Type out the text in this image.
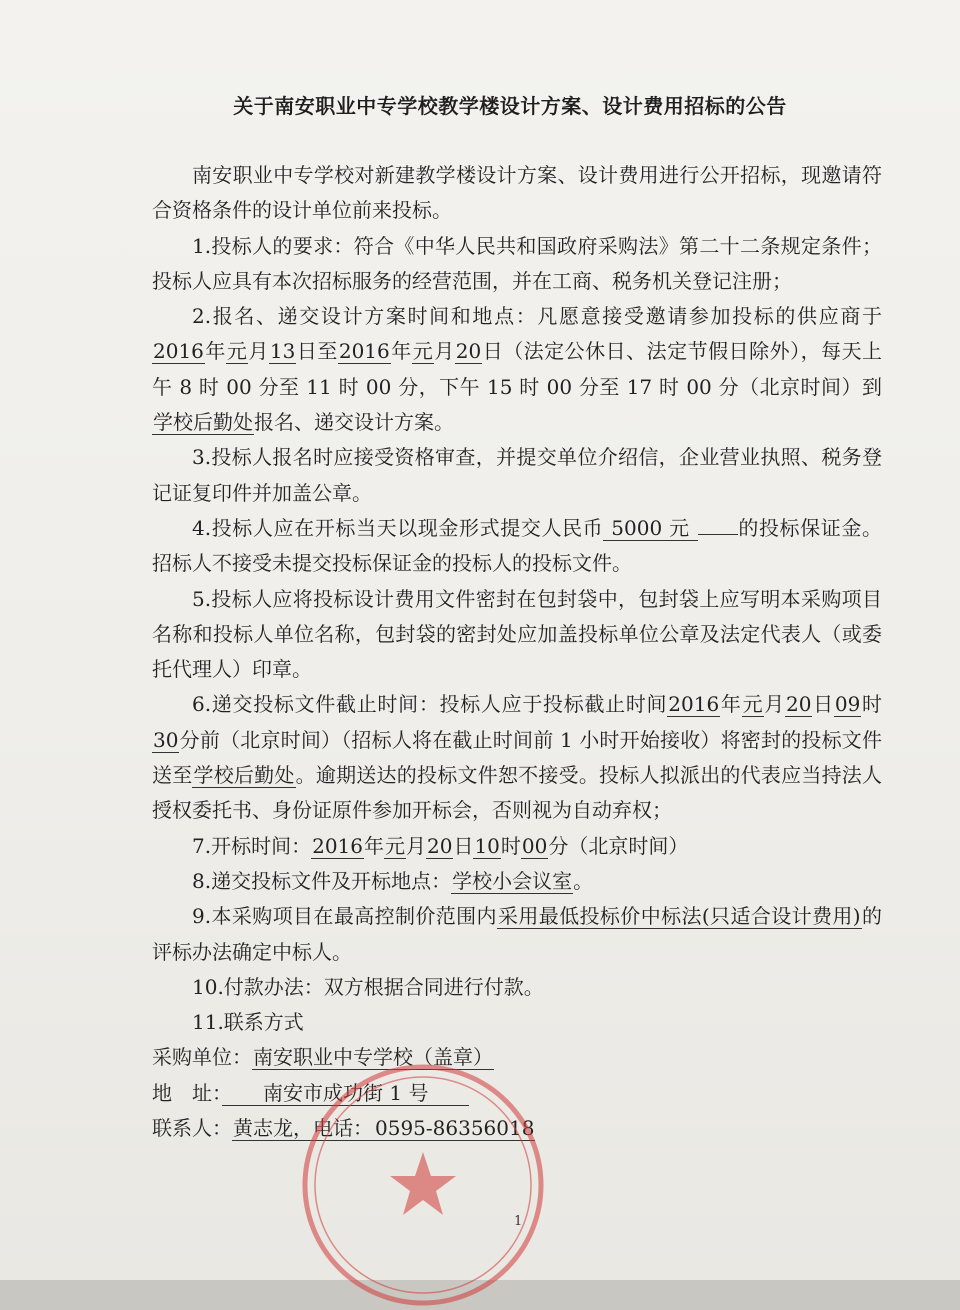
关于南安职业中专学校教学楼设计方案、设计费用招标的公告

南安职业中专学校对新建教学楼设计方案、设计费用进行公开招标，现邀请符合资格条件的设计单位前来投标。

1.投标人的要求：符合《中华人民共和国政府采购法》第二十二条规定条件；投标人应具有本次招标服务的经营范围，并在工商、税务机关登记注册；

2.报名、递交设计方案时间和地点：凡愿意接受邀请参加投标的供应商于2016年元月13日至2016年元月20日（法定公休日、法定节假日除外），每天上午 8 时 00 分至 11 时 00 分，下午 15 时 00 分至 17 时 00 分（北京时间）到学校后勤处报名、递交设计方案。

3.投标人报名时应接受资格审查，并提交单位介绍信，企业营业执照、税务登记证复印件并加盖公章。

4.投标人应在开标当天以现金形式提交人民币 5000 元 的投标保证金。招标人不接受未提交投标保证金的投标人的投标文件。

5.投标人应将投标设计费用文件密封在包封袋中，包封袋上应写明本采购项目名称和投标人单位名称，包封袋的密封处应加盖投标单位公章及法定代表人（或委托代理人）印章。

6.递交投标文件截止时间：投标人应于投标截止时间2016年元月20日09时30分前（北京时间）（招标人将在截止时间前 1 小时开始接收）将密封的投标文件送至学校后勤处。逾期送达的投标文件恕不接受。投标人拟派出的代表应当持法人授权委托书、身份证原件参加开标会，否则视为自动弃权；

7.开标时间：2016年元月20日10时00分（北京时间）

8.递交投标文件及开标地点：学校小会议室。

9.本采购项目在最高控制价范围内采用最低投标价中标法(只适合设计费用)的评标办法确定中标人。

10.付款办法：双方根据合同进行付款。

11.联系方式

采购单位：南安职业中专学校（盖章）

地　址：　　南安市成功街 1 号　　

联系人：黄志龙，电话： 0595-86356018

1
